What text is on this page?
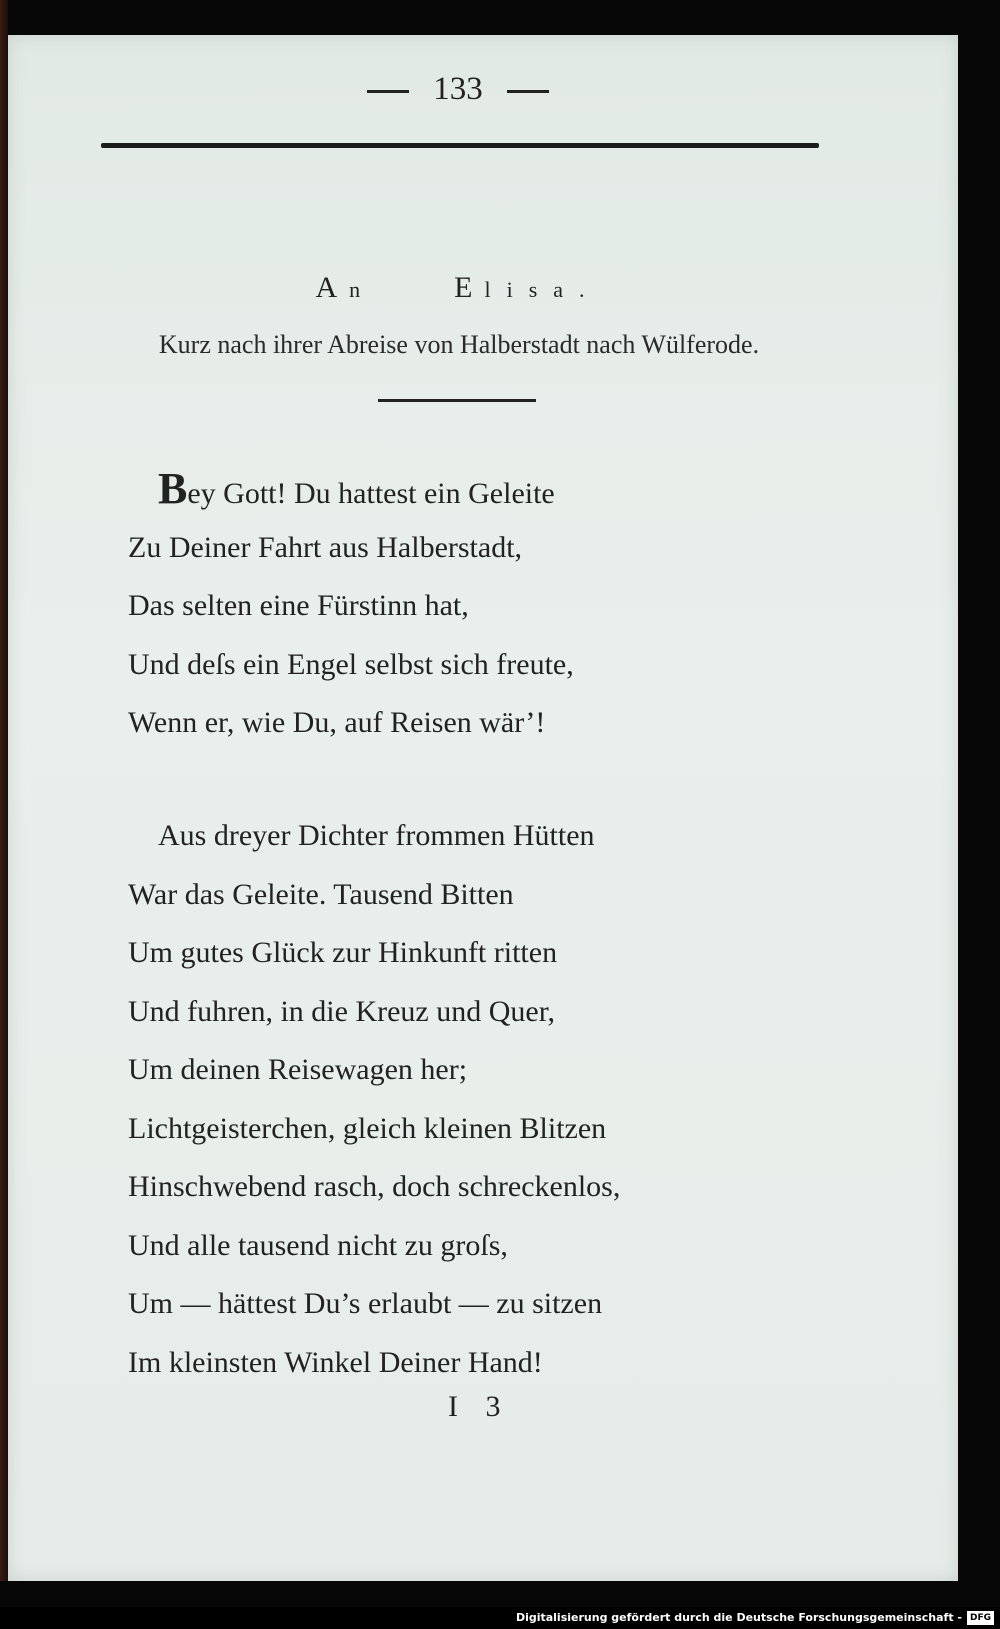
133
An	Elisa.
Kurz nach ihrer Abreise von Halberstadt nach Wülferode.
Bey Gott! Du hattest ein Geleite
Zu Deiner Fahrt aus Halberstadt,
Das selten eine Fürstinn hat,
Und deſs ein Engel selbst sich freute,
Wenn er, wie Du, auf Reisen wär’!
Aus dreyer Dichter frommen Hütten
War das Geleite. Tausend Bitten
Um gutes Glück zur Hinkunft ritten
Und fuhren, in die Kreuz und Quer,
Um deinen Reisewagen her;
Lichtgeisterchen, gleich kleinen Blitzen
Hinschwebend rasch, doch schreckenlos,
Und alle tausend nicht zu groſs,
Um — hättest Du’s erlaubt — zu sitzen
Im kleinsten Winkel Deiner Hand!
I 3
Digitalisierung gefördert durch die Deutsche Forschungsgemeinschaft - DFG
